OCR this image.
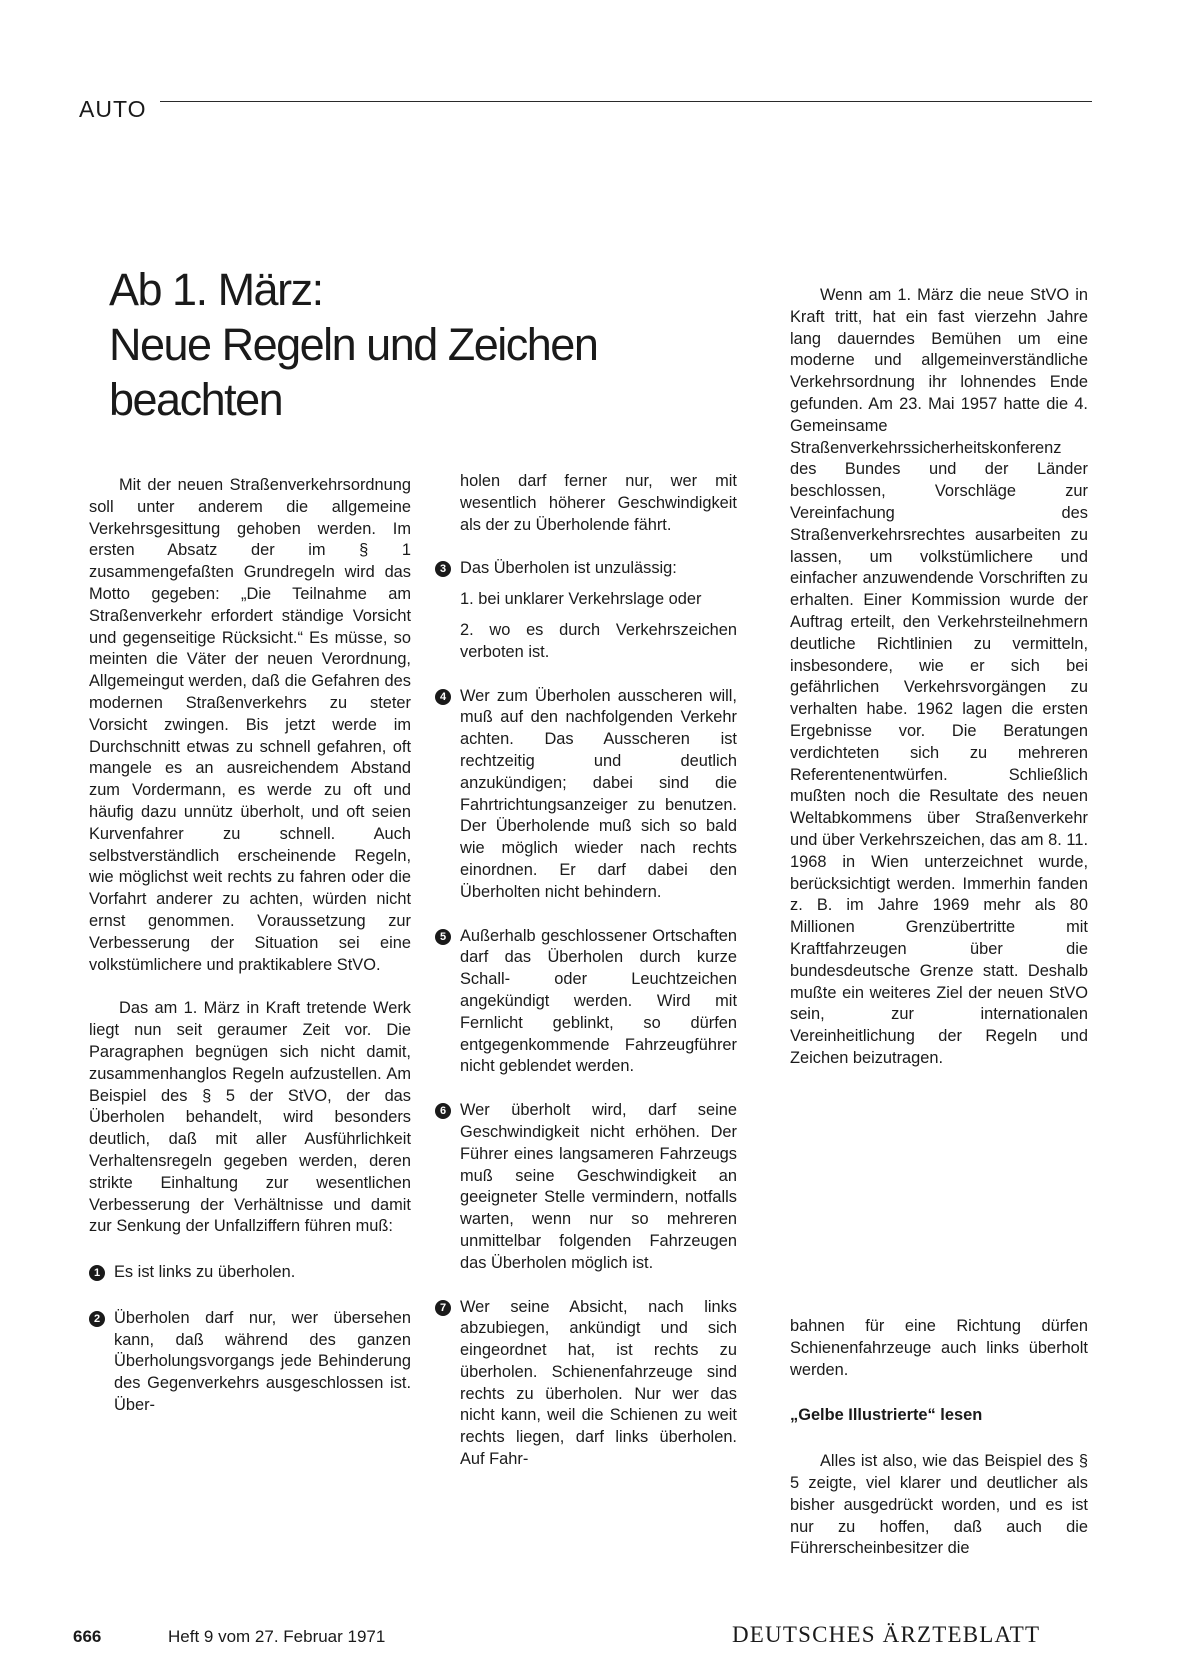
AUTO
Ab 1. März:
Neue Regeln und Zeichen
beachten

Mit der neuen Straßenverkehrsordnung soll unter anderem die allgemeine Verkehrsgesittung gehoben werden. Im ersten Absatz der im § 1 zusammengefaßten Grundregeln wird das Motto gegeben: „Die Teilnahme am Straßenverkehr erfordert ständige Vorsicht und gegenseitige Rücksicht.“ Es müsse, so meinten die Väter der neuen Verordnung, Allgemeingut werden, daß die Gefahren des modernen Straßenverkehrs zu steter Vorsicht zwingen. Bis jetzt werde im Durchschnitt etwas zu schnell gefahren, oft mangele es an ausreichendem Abstand zum Vordermann, es werde zu oft und häufig dazu unnütz überholt, und oft seien Kurvenfahrer zu schnell. Auch selbstverständlich erscheinende Regeln, wie möglichst weit rechts zu fahren oder die Vorfahrt anderer zu achten, würden nicht ernst genommen. Voraussetzung zur Verbesserung der Situation sei eine volkstümlichere und praktikablere StVO.

Das am 1. März in Kraft tretende Werk liegt nun seit geraumer Zeit vor. Die Paragraphen begnügen sich nicht damit, zusammenhanglos Regeln aufzustellen. Am Beispiel des § 5 der StVO, der das Überholen behandelt, wird besonders deutlich, daß mit aller Ausführlichkeit Verhaltensregeln gegeben werden, deren strikte Einhaltung zur wesentlichen Verbesserung der Verhältnisse und damit zur Senkung der Unfallziffern führen muß:

1 Es ist links zu überholen.

2 Überholen darf nur, wer übersehen kann, daß während des ganzen Überholungsvorgangs jede Behinderung des Gegenverkehrs ausgeschlossen ist. Über-

holen darf ferner nur, wer mit wesentlich höherer Geschwindigkeit als der zu Überholende fährt.

3 Das Überholen ist unzulässig:

1. bei unklarer Verkehrslage oder

2. wo es durch Verkehrszeichen verboten ist.

4 Wer zum Überholen ausscheren will, muß auf den nachfolgenden Verkehr achten. Das Ausscheren ist rechtzeitig und deutlich anzukündigen; dabei sind die Fahrtrichtungsanzeiger zu benutzen. Der Überholende muß sich so bald wie möglich wieder nach rechts einordnen. Er darf dabei den Überholten nicht behindern.

5 Außerhalb geschlossener Ortschaften darf das Überholen durch kurze Schall- oder Leuchtzeichen angekündigt werden. Wird mit Fernlicht geblinkt, so dürfen entgegenkommende Fahrzeugführer nicht geblendet werden.

6 Wer überholt wird, darf seine Geschwindigkeit nicht erhöhen. Der Führer eines langsameren Fahrzeugs muß seine Geschwindigkeit an geeigneter Stelle vermindern, notfalls warten, wenn nur so mehreren unmittelbar folgenden Fahrzeugen das Überholen möglich ist.

7 Wer seine Absicht, nach links abzubiegen, ankündigt und sich eingeordnet hat, ist rechts zu überholen. Schienenfahrzeuge sind rechts zu überholen. Nur wer das nicht kann, weil die Schienen zu weit rechts liegen, darf links überholen. Auf Fahr-

Wenn am 1. März die neue StVO in Kraft tritt, hat ein fast vierzehn Jahre lang dauerndes Bemühen um eine moderne und allgemeinverständliche Verkehrsordnung ihr lohnendes Ende gefunden. Am 23. Mai 1957 hatte die 4. Gemeinsame Straßenverkehrssicherheitskonferenz des Bundes und der Länder beschlossen, Vorschläge zur Vereinfachung des Straßenverkehrsrechtes ausarbeiten zu lassen, um volkstümlichere und einfacher anzuwendende Vorschriften zu erhalten. Einer Kommission wurde der Auftrag erteilt, den Verkehrsteilnehmern deutliche Richtlinien zu vermitteln, insbesondere, wie er sich bei gefährlichen Verkehrsvorgängen zu verhalten habe. 1962 lagen die ersten Ergebnisse vor. Die Beratungen verdichteten sich zu mehreren Referentenentwürfen. Schließlich mußten noch die Resultate des neuen Weltabkommens über Straßenverkehr und über Verkehrszeichen, das am 8. 11. 1968 in Wien unterzeichnet wurde, berücksichtigt werden. Immerhin fanden z. B. im Jahre 1969 mehr als 80 Millionen Grenzübertritte mit Kraftfahrzeugen über die bundesdeutsche Grenze statt. Deshalb mußte ein weiteres Ziel der neuen StVO sein, zur internationalen Vereinheitlichung der Regeln und Zeichen beizutragen.

bahnen für eine Richtung dürfen Schienenfahrzeuge auch links überholt werden.

„Gelbe Illustrierte“ lesen

Alles ist also, wie das Beispiel des § 5 zeigte, viel klarer und deutlicher als bisher ausgedrückt worden, und es ist nur zu hoffen, daß auch die Führerscheinbesitzer die

666	Heft 9 vom 27. Februar 1971	DEUTSCHES ÄRZTEBLATT
